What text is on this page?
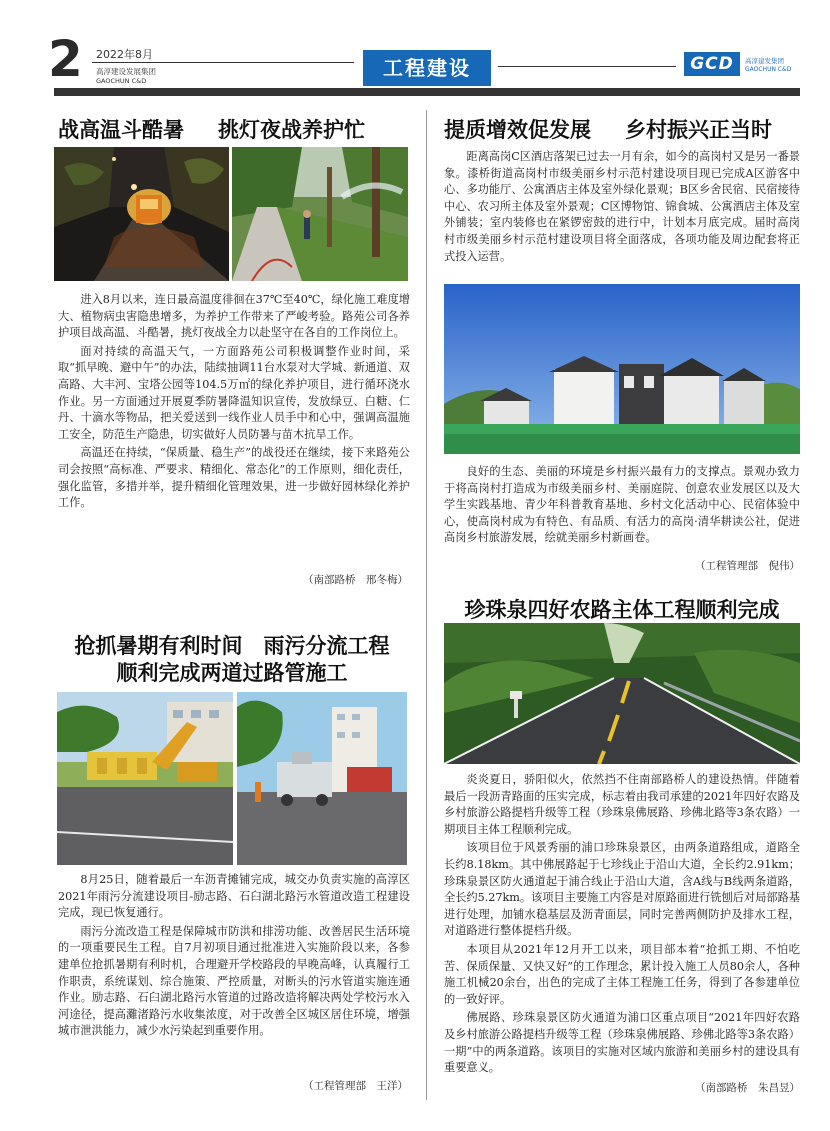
2 2022年8月
高淳建设发展集团
GAOCHUN C&D
工程建设	GCD	高淳建发集团
GAOCHUN C&D
战高温斗酷暑 挑灯夜战养护忙

进入8月以来，连日最高温度徘徊在37℃至40℃，绿化施工难度增大、植物病虫害隐患增多，为养护工作带来了严峻考验。路苑公司各养护项目战高温、斗酷暑，挑灯夜战全力以赴坚守在各自的工作岗位上。

面对持续的高温天气，一方面路苑公司积极调整作业时间，采取“抓早晚、避中午”的办法，陆续抽调11台水泵对大学城、新通道、双高路、大丰河、宝塔公园等104.5万㎡的绿化养护项目，进行循环浇水作业。另一方面通过开展夏季防暑降温知识宣传，发放绿豆、白糖、仁丹、十滴水等物品，把关爱送到一线作业人员手中和心中，强调高温施工安全，防范生产隐患，切实做好人员防暑与苗木抗旱工作。

高温还在持续，“保质量、稳生产”的战役还在继续，接下来路苑公司会按照“高标准、严要求、精细化、常态化”的工作原则，细化责任，强化监管，多措并举，提升精细化管理效果，进一步做好园林绿化养护工作。

（南部路桥　邢冬梅）
抢抓暑期有利时间　雨污分流工程
顺利完成两道过路管施工

8月25日，随着最后一车沥青摊铺完成，城交办负责实施的高淳区2021年雨污分流建设项目-励志路、石臼湖北路污水管道改造工程建设完成，现已恢复通行。

雨污分流改造工程是保障城市防洪和排涝功能、改善居民生活环境的一项重要民生工程。自7月初项目通过批准进入实施阶段以来，各参建单位抢抓暑期有利时机，合理避开学校路段的早晚高峰，认真履行工作职责，系统谋划、综合施策、严控质量，对断头的污水管道实施连通作业。励志路、石臼湖北路污水管道的过路改造将解决两处学校污水入河途径，提高灘渚路污水收集浓度，对于改善全区城区居住环境，增强城市泄洪能力，减少水污染起到重要作用。

（工程管理部　王洋）
提质增效促发展 乡村振兴正当时

距离高岗C区酒店落架已过去一月有余，如今的高岗村又是另一番景象。漆桥街道高岗村市级美丽乡村示范村建设项目现已完成A区游客中心、多功能厅、公寓酒店主体及室外绿化景观；B区乡舍民宿、民宿接待中心、农习所主体及室外景观；C区博物馆、锦食城、公寓酒店主体及室外铺装；室内装修也在紧锣密鼓的进行中，计划本月底完成。届时高岗村市级美丽乡村示范村建设项目将全面落成，各项功能及周边配套将正式投入运营。

良好的生态、美丽的环境是乡村振兴最有力的支撑点。景观办致力于将高岗村打造成为市级美丽乡村、美丽庭院、创意农业发展区以及大学生实践基地、青少年科普教育基地、乡村文化活动中心、民宿体验中心，使高岗村成为有特色、有品质、有活力的高岗·清华耕读公社，促进高岗乡村旅游发展，绘就美丽乡村新画卷。

（工程管理部　倪伟）
珍珠泉四好农路主体工程顺利完成

炎炎夏日，骄阳似火，依然挡不住南部路桥人的建设热情。伴随着最后一段沥青路面的压实完成，标志着由我司承建的2021年四好农路及乡村旅游公路提档升级等工程（珍珠泉佛展路、珍佛北路等3条农路）一期项目主体工程顺利完成。

该项目位于风景秀丽的浦口珍珠泉景区，由两条道路组成，道路全长约8.18km。其中佛展路起于七珍线止于沿山大道，全长约2.91km；珍珠泉景区防火通道起于浦合线止于沿山大道，含A线与B线两条道路，全长约5.27km。该项目主要施工内容是对原路面进行铣刨后对局部路基进行处理，加铺水稳基层及沥青面层，同时完善两侧防护及排水工程，对道路进行整体提档升级。

本项目从2021年12月开工以来，项目部本着“抢抓工期、不怕吃苦、保质保量、又快又好”的工作理念，累计投入施工人员80余人，各种施工机械20余台，出色的完成了主体工程施工任务，得到了各参建单位的一致好评。

佛展路、珍珠泉景区防火通道为浦口区重点项目“2021年四好农路及乡村旅游公路提档升级等工程（珍珠泉佛展路、珍佛北路等3条农路）一期”中的两条道路。该项目的实施对区域内旅游和美丽乡村的建设具有重要意义。

（南部路桥　朱昌昱）
